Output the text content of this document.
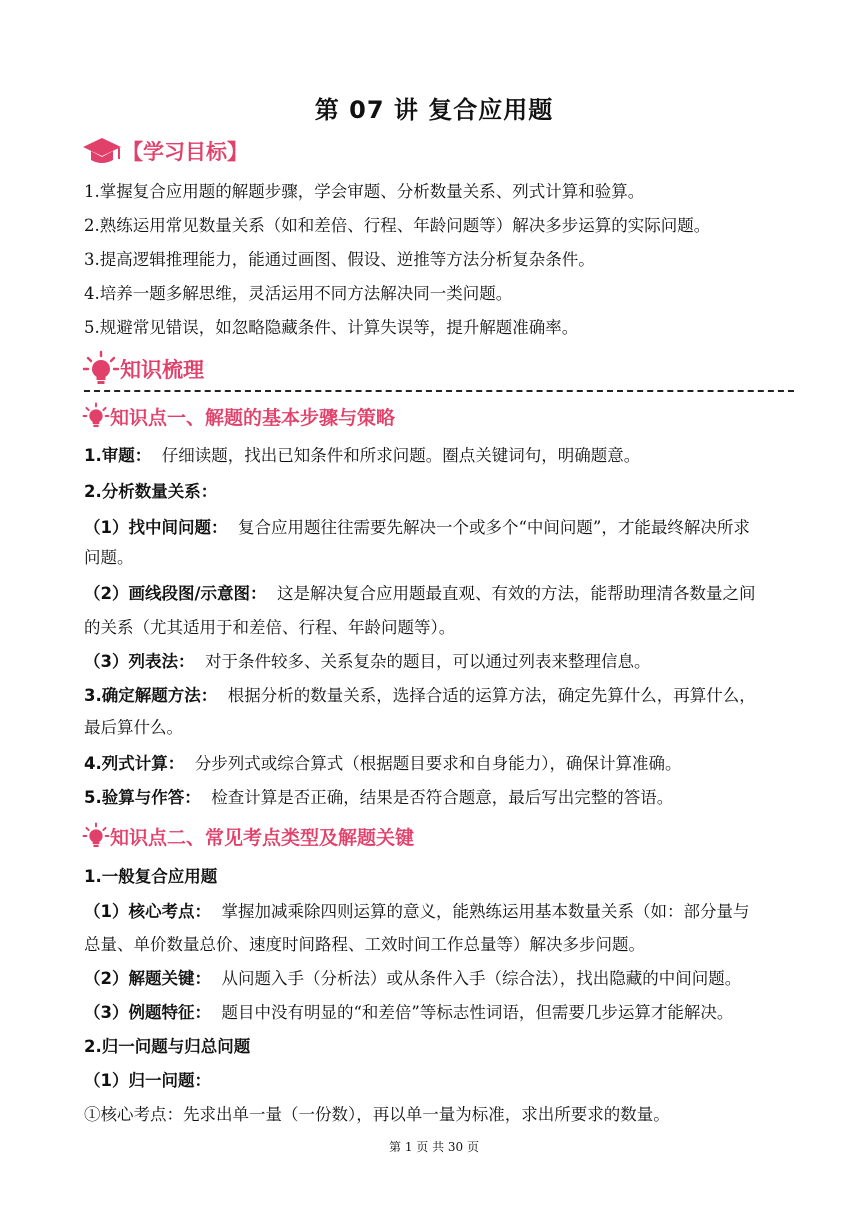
第 07 讲 复合应用题
【学习目标】
1.掌握复合应用题的解题步骤，学会审题、分析数量关系、列式计算和验算。
2.熟练运用常见数量关系（如和差倍、行程、年龄问题等）解决多步运算的实际问题。
3.提高逻辑推理能力，能通过画图、假设、逆推等方法分析复杂条件。
4.培养一题多解思维，灵活运用不同方法解决同一类问题。
5.规避常见错误，如忽略隐藏条件、计算失误等，提升解题准确率。
知识梳理
知识点一、解题的基本步骤与策略
1.审题： 仔细读题，找出已知条件和所求问题。圈点关键词句，明确题意。
2.分析数量关系：
（1）找中间问题： 复合应用题往往需要先解决一个或多个“中间问题”，才能最终解决所求
问题。
（2）画线段图/示意图： 这是解决复合应用题最直观、有效的方法，能帮助理清各数量之间
的关系（尤其适用于和差倍、行程、年龄问题等）。
（3）列表法： 对于条件较多、关系复杂的题目，可以通过列表来整理信息。
3.确定解题方法： 根据分析的数量关系，选择合适的运算方法，确定先算什么，再算什么，
最后算什么。
4.列式计算： 分步列式或综合算式（根据题目要求和自身能力），确保计算准确。
5.验算与作答： 检查计算是否正确，结果是否符合题意，最后写出完整的答语。
知识点二、常见考点类型及解题关键
1.一般复合应用题
（1）核心考点： 掌握加减乘除四则运算的意义，能熟练运用基本数量关系（如：部分量与
总量、单价数量总价、速度时间路程、工效时间工作总量等）解决多步问题。
（2）解题关键： 从问题入手（分析法）或从条件入手（综合法），找出隐藏的中间问题。
（3）例题特征： 题目中没有明显的“和差倍”等标志性词语，但需要几步运算才能解决。
2.归一问题与归总问题
（1）归一问题：
①核心考点：先求出单一量（一份数），再以单一量为标准，求出所要求的数量。
第 1 页 共 30 页
